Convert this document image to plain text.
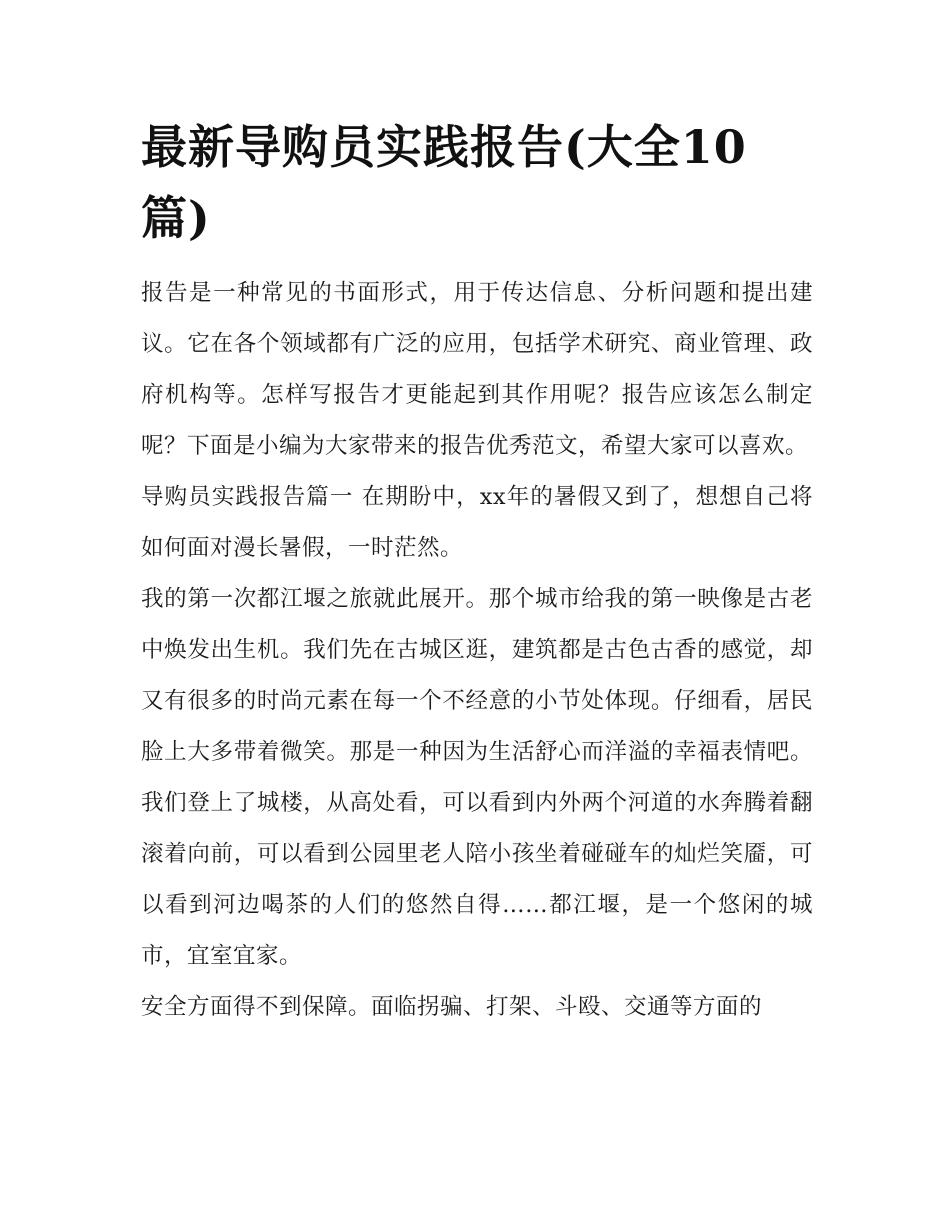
最新导购员实践报告(大全10篇)

报告是一种常见的书面形式，用于传达信息、分析问题和提出建议。它在各个领域都有广泛的应用，包括学术研究、商业管理、政府机构等。怎样写报告才更能起到其作用呢？报告应该怎么制定呢？下面是小编为大家带来的报告优秀范文，希望大家可以喜欢。

导购员实践报告篇一 在期盼中，xx年的暑假又到了，想想自己将如何面对漫长暑假，一时茫然。

我的第一次都江堰之旅就此展开。那个城市给我的第一映像是古老中焕发出生机。我们先在古城区逛，建筑都是古色古香的感觉，却又有很多的时尚元素在每一个不经意的小节处体现。仔细看，居民脸上大多带着微笑。那是一种因为生活舒心而洋溢的幸福表情吧。我们登上了城楼，从高处看，可以看到内外两个河道的水奔腾着翻滚着向前，可以看到公园里老人陪小孩坐着碰碰车的灿烂笑靥，可以看到河边喝茶的人们的悠然自得……都江堰，是一个悠闲的城市，宜室宜家。

安全方面得不到保障。面临拐骗、打架、斗殴、交通等方面的
